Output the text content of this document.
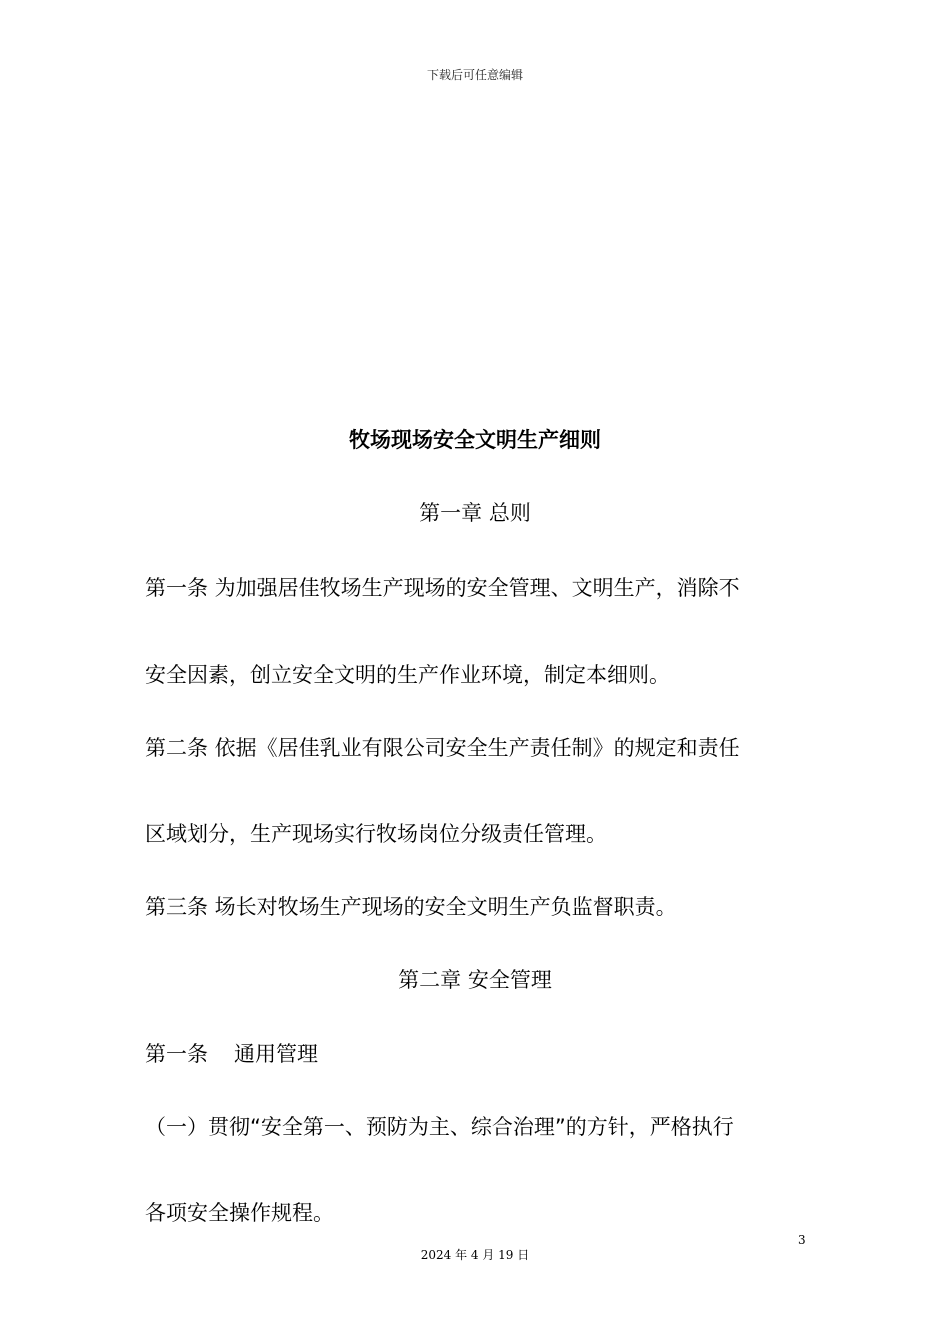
下载后可任意编辑
牧场现场安全文明生产细则
第一章 总则
第一条 为加强居佳牧场生产现场的安全管理、文明生产，消除不
安全因素，创立安全文明的生产作业环境，制定本细则。
第二条 依据《居佳乳业有限公司安全生产责任制》的规定和责任
区域划分，生产现场实行牧场岗位分级责任管理。
第三条 场长对牧场生产现场的安全文明生产负监督职责。
第二章 安全管理
第一条 通用管理
（一）贯彻“安全第一、预防为主、综合治理”的方针，严格执行
各项安全操作规程。
3
2024 年 4 月 19 日
